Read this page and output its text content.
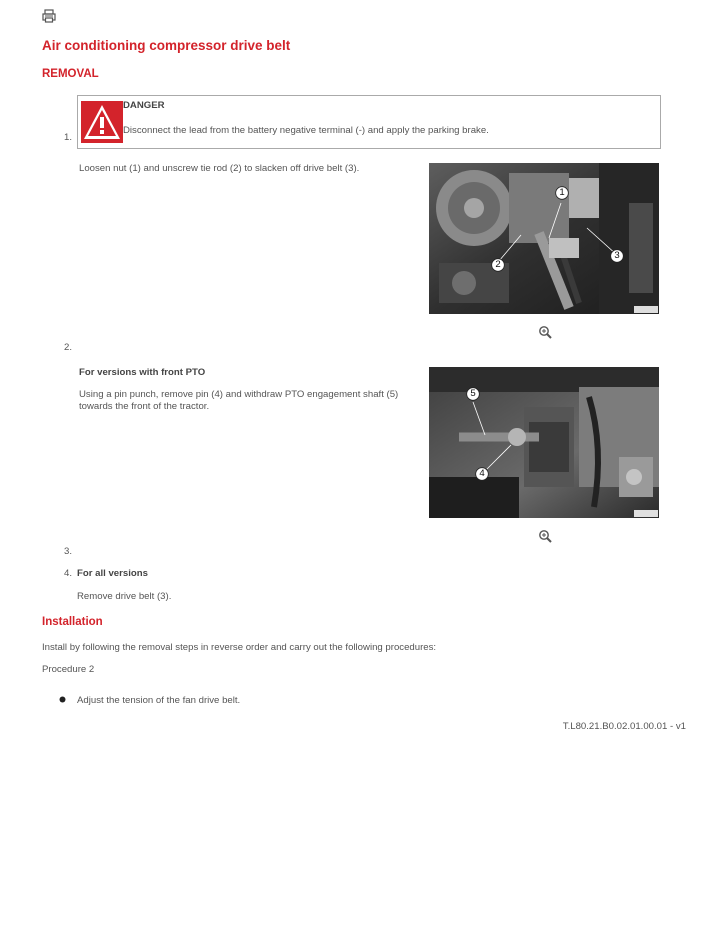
Air conditioning compressor drive belt
REMOVAL
1.
DANGER
Disconnect the lead from the battery negative terminal (-) and apply the parking brake.
Loosen nut (1) and unscrew tie rod (2) to slacken off drive belt (3).
1
2
3
2.
For versions with front PTO
Using a pin punch, remove pin (4) and withdraw PTO engagement shaft (5)
towards the front of the tractor.
5
4
3.
4. For all versions
Remove drive belt (3).
Installation
Install by following the removal steps in reverse order and carry out the following procedures:
Procedure 2
Adjust the tension of the fan drive belt.
T.L80.21.B0.02.01.00.01 - v1
